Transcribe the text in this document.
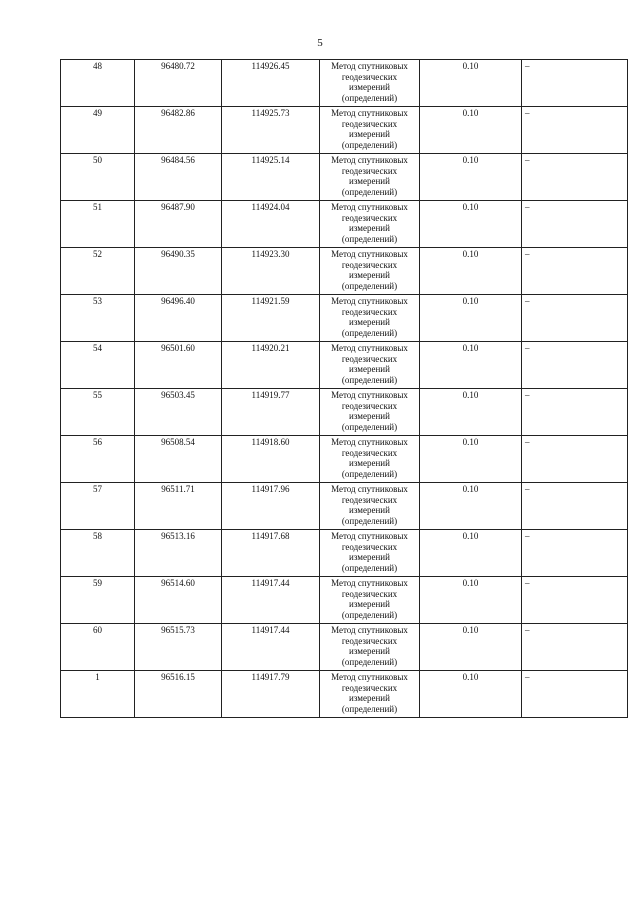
5
48	96480.72	114926.45	Метод спутниковых геодезических измерений (определений)	0.10	–
49	96482.86	114925.73	Метод спутниковых геодезических измерений (определений)	0.10	–
50	96484.56	114925.14	Метод спутниковых геодезических измерений (определений)	0.10	–
51	96487.90	114924.04	Метод спутниковых геодезических измерений (определений)	0.10	–
52	96490.35	114923.30	Метод спутниковых геодезических измерений (определений)	0.10	–
53	96496.40	114921.59	Метод спутниковых геодезических измерений (определений)	0.10	–
54	96501.60	114920.21	Метод спутниковых геодезических измерений (определений)	0.10	–
55	96503.45	114919.77	Метод спутниковых геодезических измерений (определений)	0.10	–
56	96508.54	114918.60	Метод спутниковых геодезических измерений (определений)	0.10	–
57	96511.71	114917.96	Метод спутниковых геодезических измерений (определений)	0.10	–
58	96513.16	114917.68	Метод спутниковых геодезических измерений (определений)	0.10	–
59	96514.60	114917.44	Метод спутниковых геодезических измерений (определений)	0.10	–
60	96515.73	114917.44	Метод спутниковых геодезических измерений (определений)	0.10	–
1	96516.15	114917.79	Метод спутниковых геодезических измерений (определений)	0.10	–
